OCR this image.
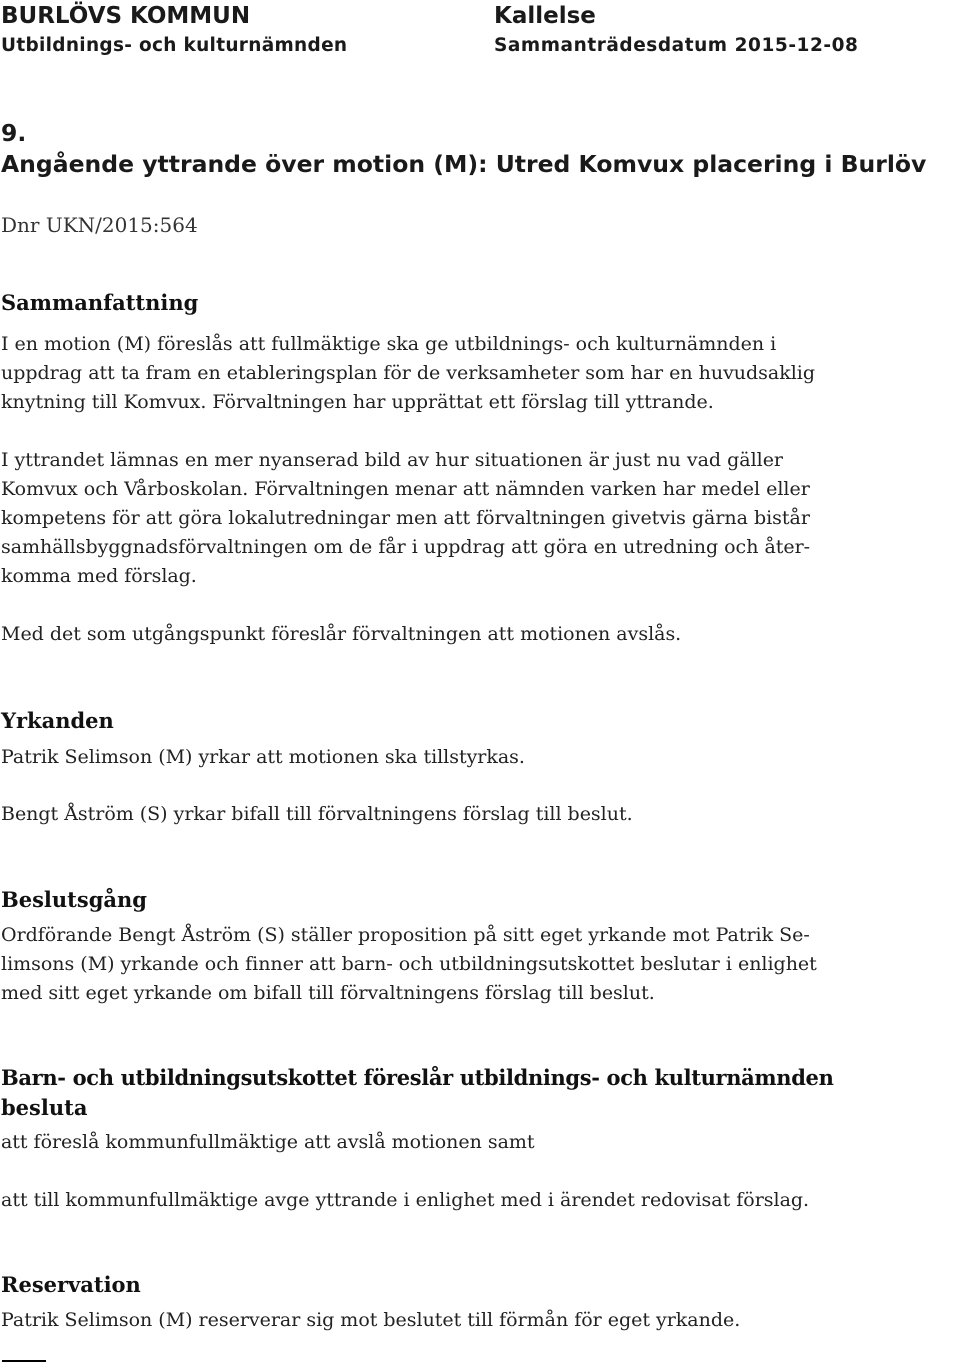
BURLÖVS KOMMUN
Utbildnings- och kulturnämnden
Kallelse
Sammanträdesdatum 2015-12-08
9.
Angående yttrande över motion (M): Utred Komvux placering i Burlöv
Dnr UKN/2015:564
Sammanfattning
I en motion (M) föreslås att fullmäktige ska ge utbildnings- och kulturnämnden i
uppdrag att ta fram en etableringsplan för de verksamheter som har en huvudsaklig
knytning till Komvux. Förvaltningen har upprättat ett förslag till yttrande.
I yttrandet lämnas en mer nyanserad bild av hur situationen är just nu vad gäller
Komvux och Vårboskolan. Förvaltningen menar att nämnden varken har medel eller
kompetens för att göra lokalutredningar men att förvaltningen givetvis gärna bistår
samhällsbyggnadsförvaltningen om de får i uppdrag att göra en utredning och åter-
komma med förslag.
Med det som utgångspunkt föreslår förvaltningen att motionen avslås.
Yrkanden
Patrik Selimson (M) yrkar att motionen ska tillstyrkas.
Bengt Åström (S) yrkar bifall till förvaltningens förslag till beslut.
Beslutsgång
Ordförande Bengt Åström (S) ställer proposition på sitt eget yrkande mot Patrik Se-
limsons (M) yrkande och finner att barn- och utbildningsutskottet beslutar i enlighet
med sitt eget yrkande om bifall till förvaltningens förslag till beslut.
Barn- och utbildningsutskottet föreslår utbildnings- och kulturnämnden
besluta
att föreslå kommunfullmäktige att avslå motionen samt
att till kommunfullmäktige avge yttrande i enlighet med i ärendet redovisat förslag.
Reservation
Patrik Selimson (M) reserverar sig mot beslutet till förmån för eget yrkande.
